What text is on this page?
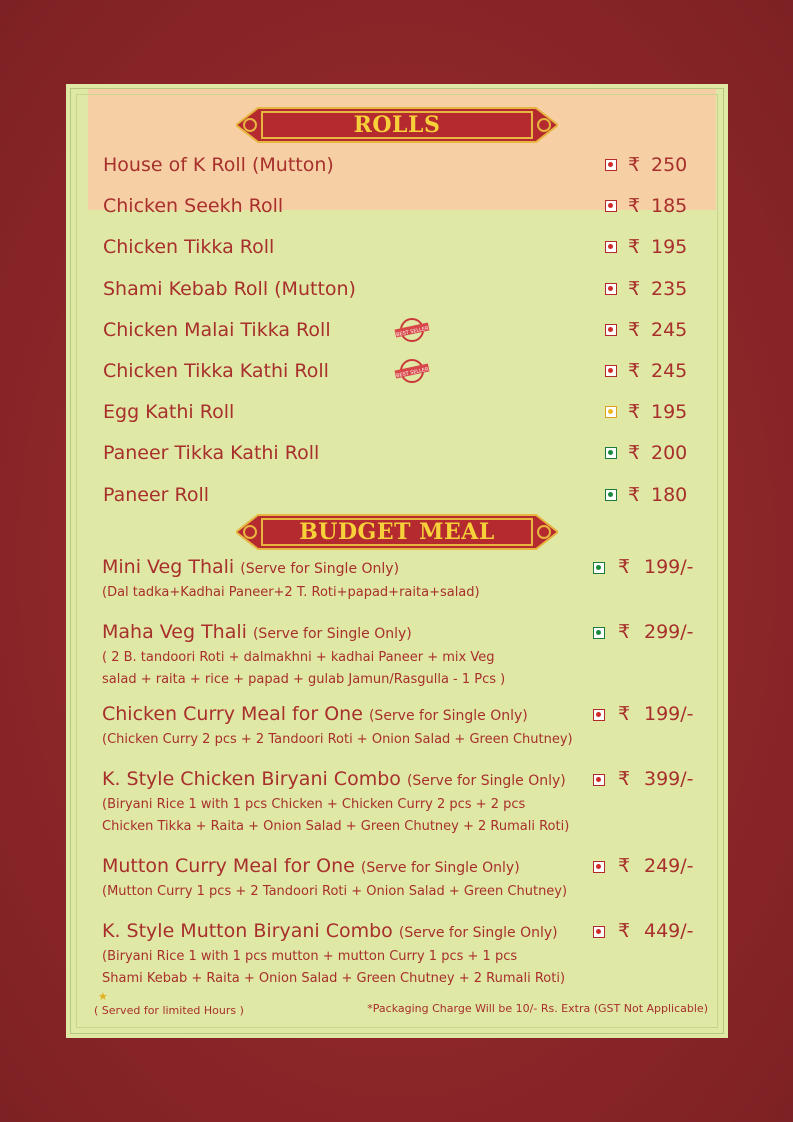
ROLLS
House of K Roll (Mutton)	₹ 250
Chicken Seekh Roll	₹ 185
Chicken Tikka Roll	₹ 195
Shami Kebab Roll (Mutton)	₹ 235
Chicken Malai Tikka Roll	BEST SELLER	₹ 245
Chicken Tikka Kathi Roll	BEST SELLER	₹ 245
Egg Kathi Roll	₹ 195
Paneer Tikka Kathi Roll	₹ 200
Paneer Roll	₹ 180
BUDGET MEAL
Mini Veg Thali (Serve for Single Only)
(Dal tadka+Kadhai Paneer+2 T. Roti+papad+raita+salad)
₹ 199/-
Maha Veg Thali (Serve for Single Only)
( 2 B. tandoori Roti + dalmakhni + kadhai Paneer + mix Veg
salad + raita + rice + papad + gulab Jamun/Rasgulla - 1 Pcs )
₹ 299/-
Chicken Curry Meal for One (Serve for Single Only)
(Chicken Curry 2 pcs + 2 Tandoori Roti + Onion Salad + Green Chutney)
₹ 199/-
K. Style Chicken Biryani Combo (Serve for Single Only)
(Biryani Rice 1 with 1 pcs Chicken + Chicken Curry 2 pcs + 2 pcs
Chicken Tikka + Raita + Onion Salad + Green Chutney + 2 Rumali Roti)
₹ 399/-
Mutton Curry Meal for One (Serve for Single Only)
(Mutton Curry 1 pcs + 2 Tandoori Roti + Onion Salad + Green Chutney)
₹ 249/-
K. Style Mutton Biryani Combo (Serve for Single Only)
(Biryani Rice 1 with 1 pcs mutton + mutton Curry 1 pcs + 1 pcs
Shami Kebab + Raita + Onion Salad + Green Chutney + 2 Rumali Roti)
₹ 449/-
★
( Served for limited Hours )	*Packaging Charge Will be 10/- Rs. Extra (GST Not Applicable)
